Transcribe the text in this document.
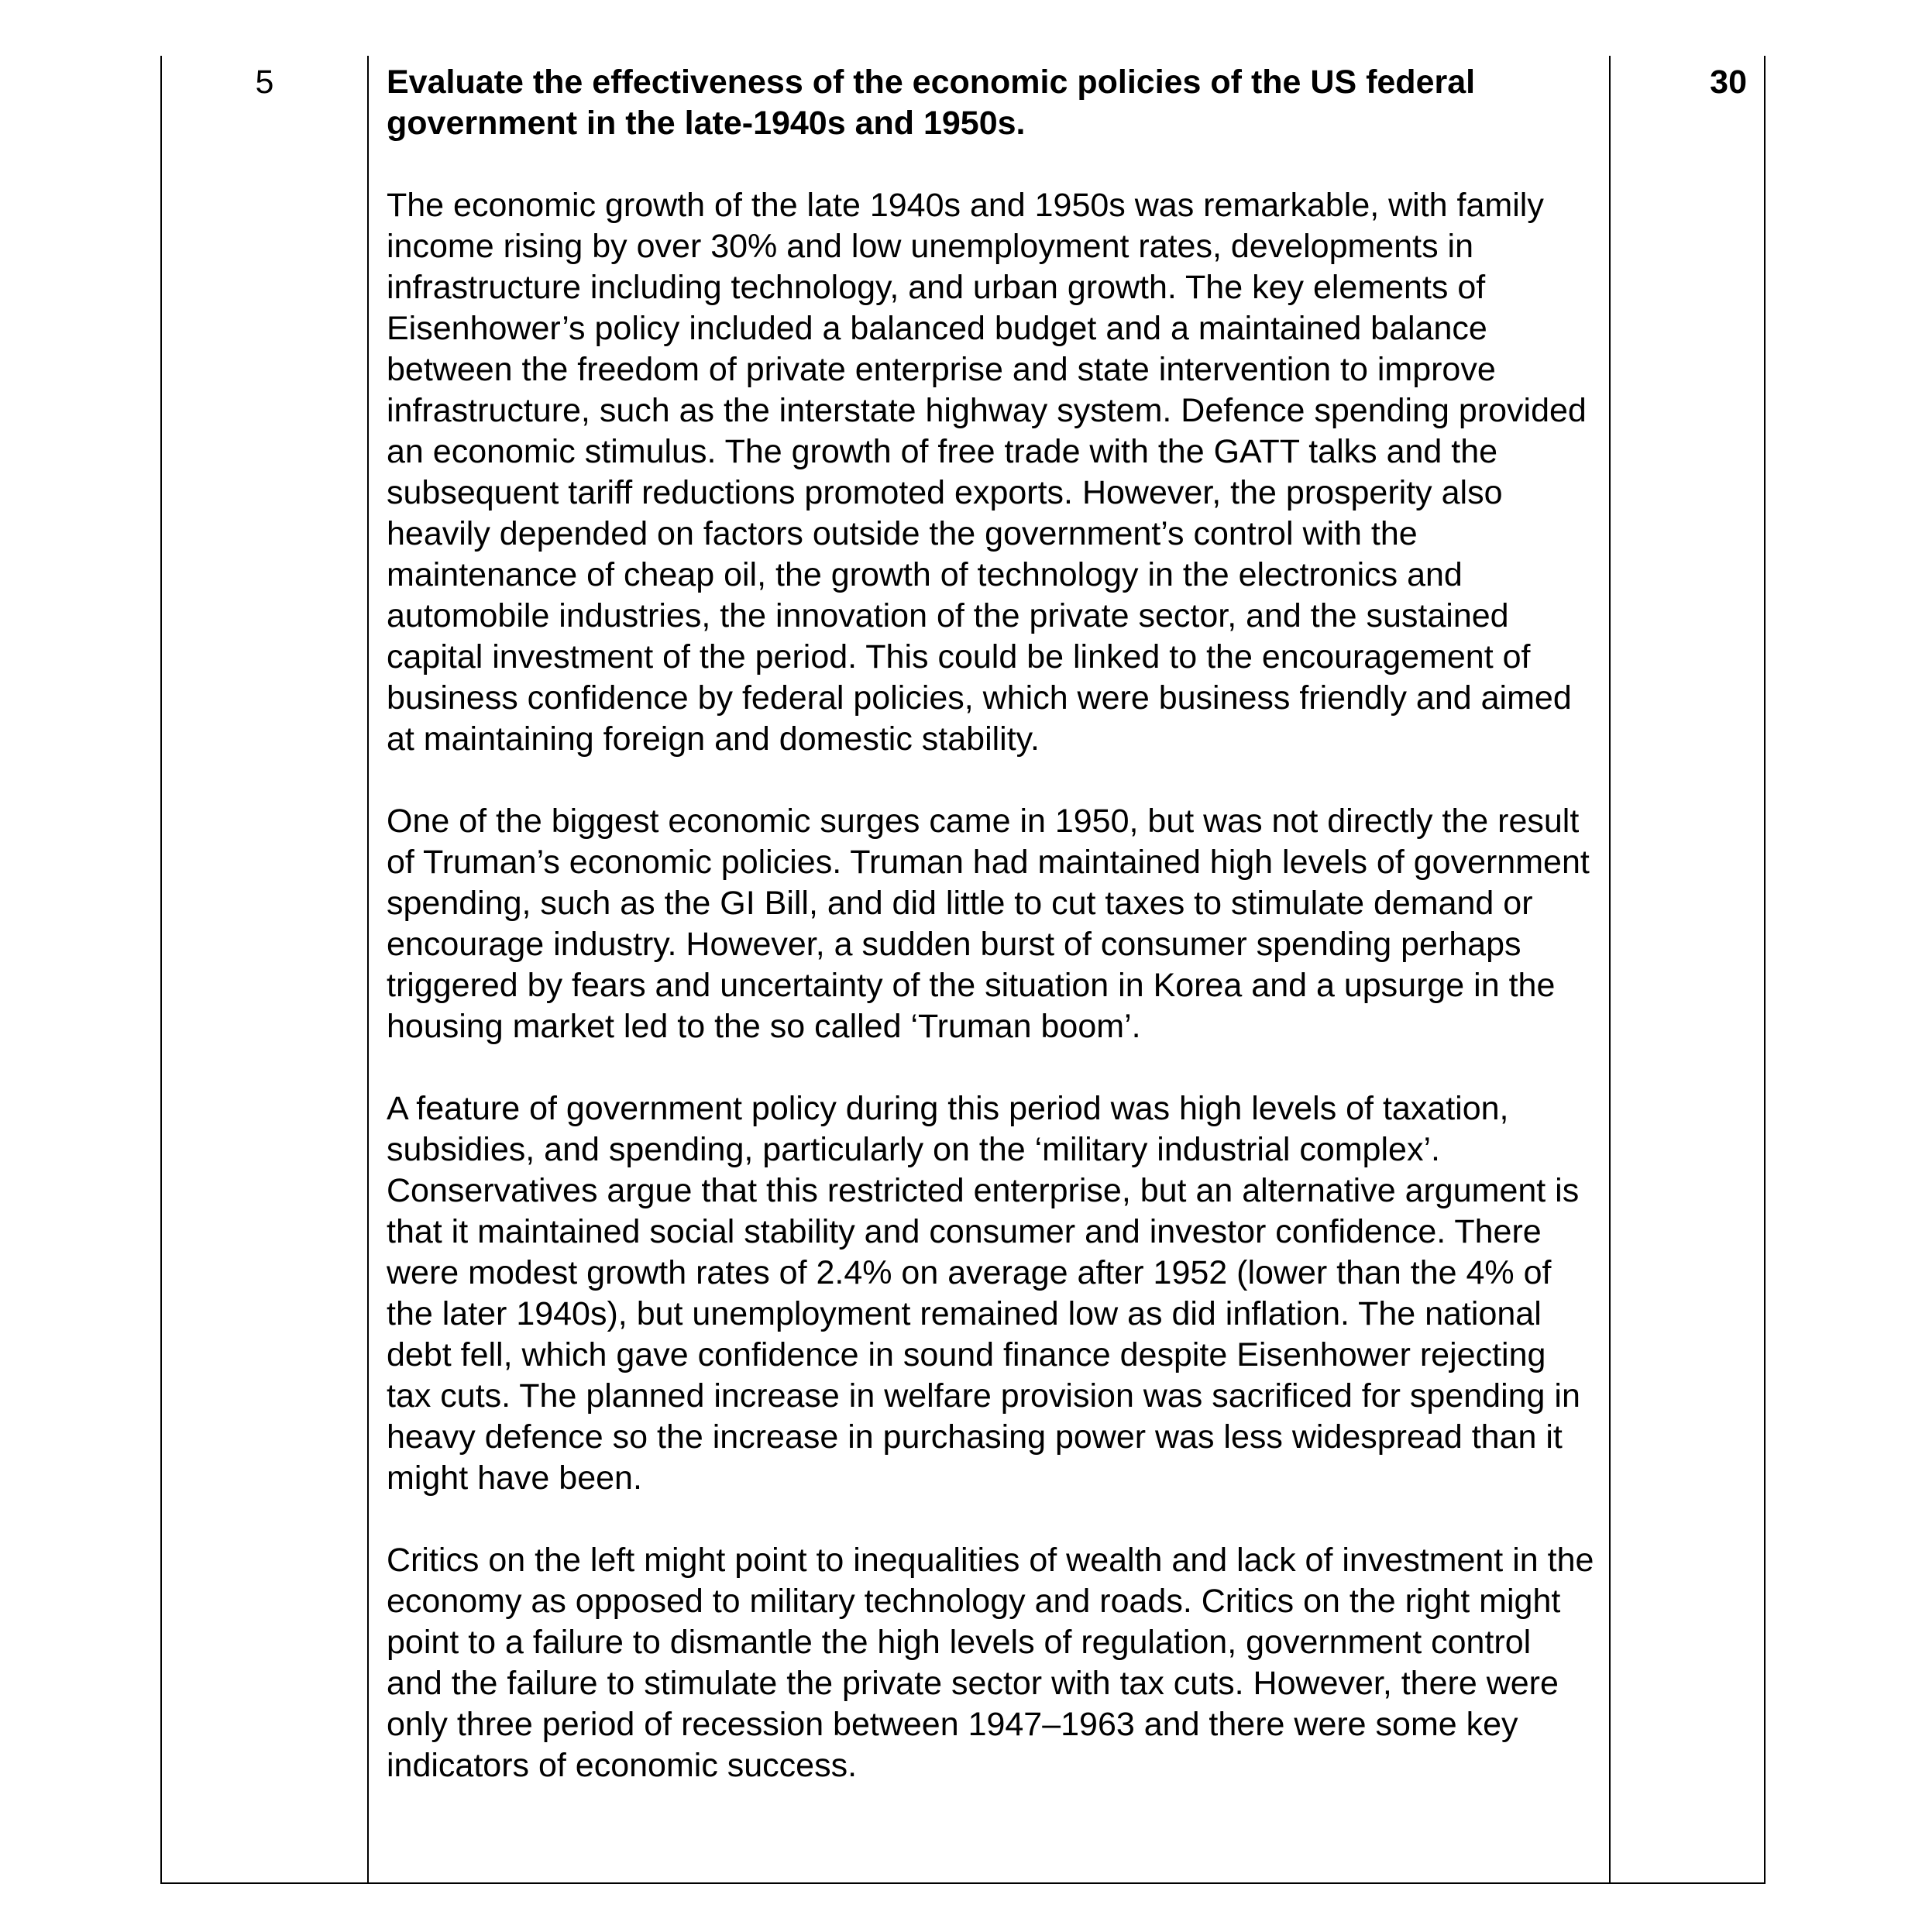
5	Evaluate the effectiveness of the economic policies of the US federal government in the late-1940s and 1950s.

The economic growth of the late 1940s and 1950s was remarkable, with family income rising by over 30% and low unemployment rates, developments in infrastructure including technology, and urban growth. The key elements of Eisenhower’s policy included a balanced budget and a maintained balance between the freedom of private enterprise and state intervention to improve infrastructure, such as the interstate highway system. Defence spending provided an economic stimulus. The growth of free trade with the GATT talks and the subsequent tariff reductions promoted exports. However, the prosperity also heavily depended on factors outside the government’s control with the maintenance of cheap oil, the growth of technology in the electronics and automobile industries, the innovation of the private sector, and the sustained capital investment of the period. This could be linked to the encouragement of business confidence by federal policies, which were business friendly and aimed at maintaining foreign and domestic stability.

One of the biggest economic surges came in 1950, but was not directly the result of Truman’s economic policies. Truman had maintained high levels of government spending, such as the GI Bill, and did little to cut taxes to stimulate demand or encourage industry. However, a sudden burst of consumer spending perhaps triggered by fears and uncertainty of the situation in Korea and a upsurge in the housing market led to the so called ‘Truman boom’.

A feature of government policy during this period was high levels of taxation, subsidies, and spending, particularly on the ‘military industrial complex’. Conservatives argue that this restricted enterprise, but an alternative argument is that it maintained social stability and consumer and investor confidence. There were modest growth rates of 2.4% on average after 1952 (lower than the 4% of the later 1940s), but unemployment remained low as did inflation. The national debt fell, which gave confidence in sound finance despite Eisenhower rejecting tax cuts. The planned increase in welfare provision was sacrificed for spending in heavy defence so the increase in purchasing power was less widespread than it might have been.

Critics on the left might point to inequalities of wealth and lack of investment in the economy as opposed to military technology and roads. Critics on the right might point to a failure to dismantle the high levels of regulation, government control and the failure to stimulate the private sector with tax cuts. However, there were only three period of recession between 1947–1963 and there were some key indicators of economic success.

30
